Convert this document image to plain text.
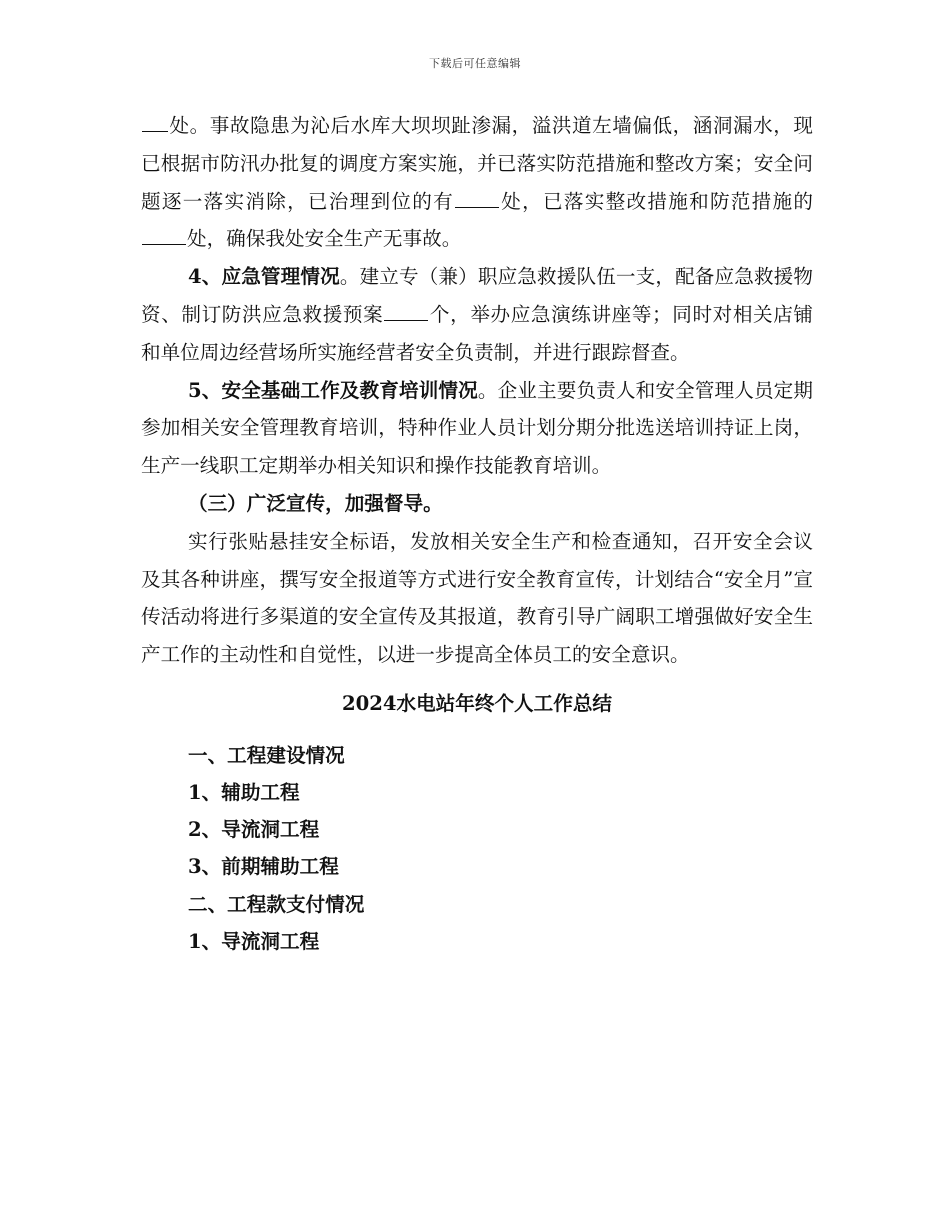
下载后可任意编辑

处。事故隐患为沁后水库大坝坝趾渗漏，溢洪道左墙偏低，涵洞漏水，现已根据市防汛办批复的调度方案实施，并已落实防范措施和整改方案；安全问题逐一落实消除，已治理到位的有 处，已落实整改措施和防范措施的处，确保我处安全生产无事故。

4、应急管理情况。建立专（兼）职应急救援队伍一支，配备应急救援物资、制订防洪应急救援预案 个，举办应急演练讲座等；同时对相关店铺和单位周边经营场所实施经营者安全负责制，并进行跟踪督查。

5、安全基础工作及教育培训情况。企业主要负责人和安全管理人员定期参加相关安全管理教育培训，特种作业人员计划分期分批选送培训持证上岗，生产一线职工定期举办相关知识和操作技能教育培训。

（三）广泛宣传，加强督导。

实行张贴悬挂安全标语，发放相关安全生产和检查通知，召开安全会议及其各种讲座，撰写安全报道等方式进行安全教育宣传，计划结合“安全月”宣传活动将进行多渠道的安全宣传及其报道，教育引导广阔职工增强做好安全生产工作的主动性和自觉性，以进一步提高全体员工的安全意识。

2024水电站年终个人工作总结

一、工程建设情况

1、辅助工程

2、导流洞工程

3、前期辅助工程

二、工程款支付情况

1、导流洞工程
